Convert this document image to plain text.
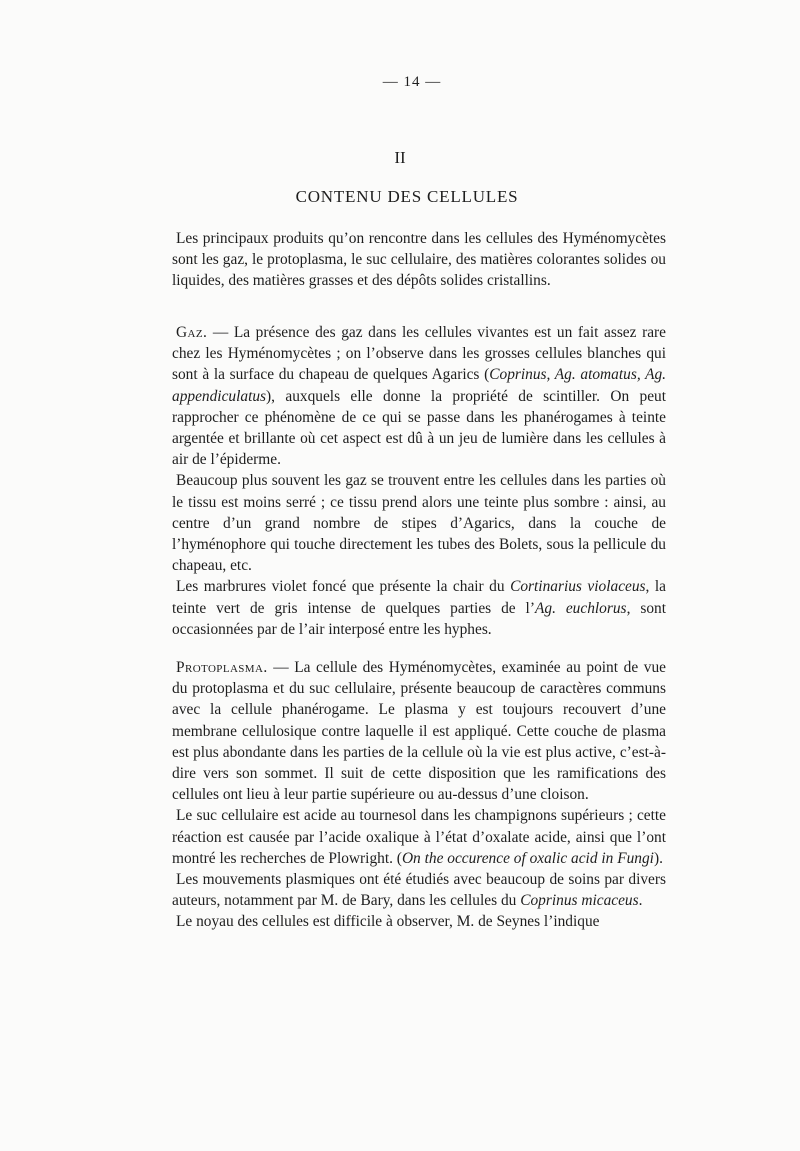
— 14 —
II
CONTENU DES CELLULES

Les principaux produits qu’on rencontre dans les cellules des Hyménomycètes sont les gaz, le protoplasma, le suc cellulaire, des matières colorantes solides ou liquides, des matières grasses et des dépôts solides cristallins.

Gaz. — La présence des gaz dans les cellules vivantes est un fait assez rare chez les Hyménomycètes ; on l’observe dans les grosses cellules blanches qui sont à la surface du chapeau de quelques Agarics (Coprinus, Ag. atomatus, Ag. appendiculatus), auxquels elle donne la propriété de scintiller. On peut rapprocher ce phénomène de ce qui se passe dans les phanérogames à teinte argentée et brillante où cet aspect est dû à un jeu de lumière dans les cellules à air de l’épiderme.

Beaucoup plus souvent les gaz se trouvent entre les cellules dans les parties où le tissu est moins serré ; ce tissu prend alors une teinte plus sombre : ainsi, au centre d’un grand nombre de stipes d’Agarics, dans la couche de l’hyménophore qui touche directement les tubes des Bolets, sous la pellicule du chapeau, etc.

Les marbrures violet foncé que présente la chair du Cortinarius violaceus, la teinte vert de gris intense de quelques parties de l’Ag. euchlorus, sont occasionnées par de l’air interposé entre les hyphes.

Protoplasma. — La cellule des Hyménomycètes, examinée au point de vue du protoplasma et du suc cellulaire, présente beaucoup de caractères communs avec la cellule phanérogame. Le plasma y est toujours recouvert d’une membrane cellulosique contre laquelle il est appliqué. Cette couche de plasma est plus abondante dans les parties de la cellule où la vie est plus active, c’est-à-dire vers son sommet. Il suit de cette disposition que les ramifications des cellules ont lieu à leur partie supérieure ou au-dessus d’une cloison.

Le suc cellulaire est acide au tournesol dans les champignons supérieurs ; cette réaction est causée par l’acide oxalique à l’état d’oxalate acide, ainsi que l’ont montré les recherches de Plowright. (On the occurence of oxalic acid in Fungi).

Les mouvements plasmiques ont été étudiés avec beaucoup de soins par divers auteurs, notamment par M. de Bary, dans les cellules du Coprinus micaceus.

Le noyau des cellules est difficile à observer, M. de Seynes l’indique
